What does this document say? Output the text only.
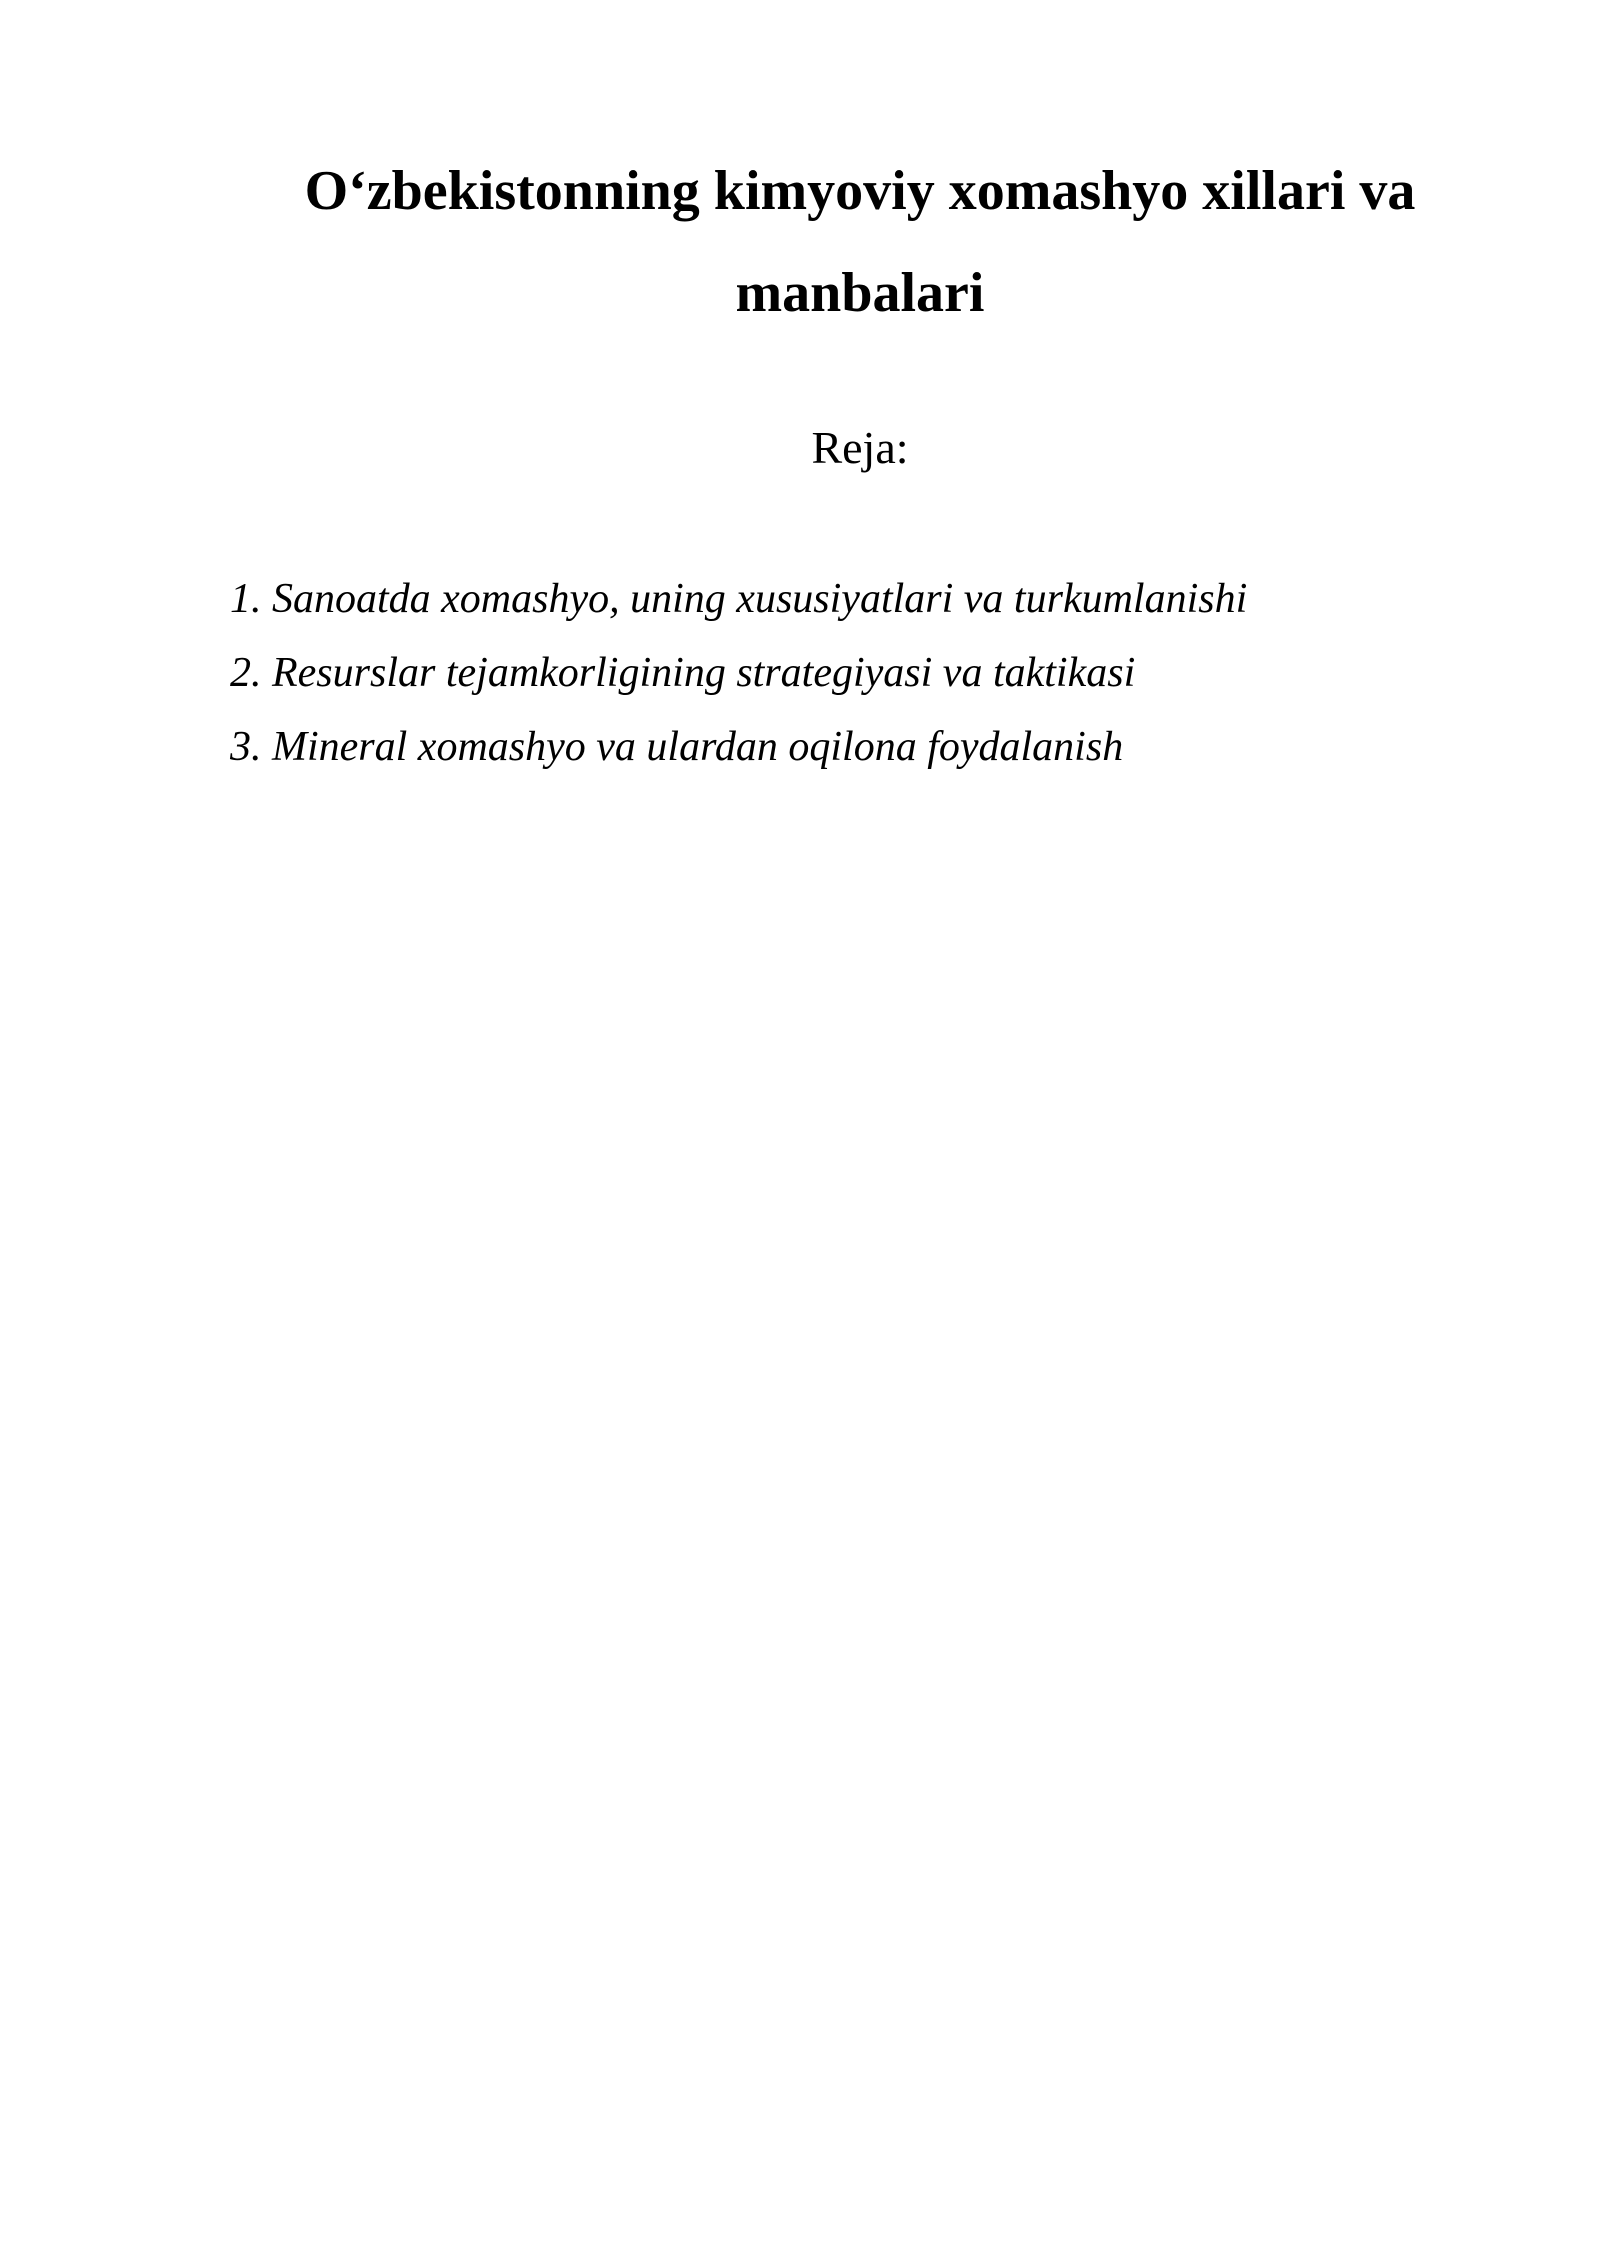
O‘zbekistonning kimyoviy xomashyo xillari va manbalari

Reja:

1. Sanoatda xomashyo, uning xususiyatlari va turkumlanishi
2. Resurslar tejamkorligining strategiyasi va taktikasi
3. Mineral xomashyo va ulardan oqilona foydalanish
